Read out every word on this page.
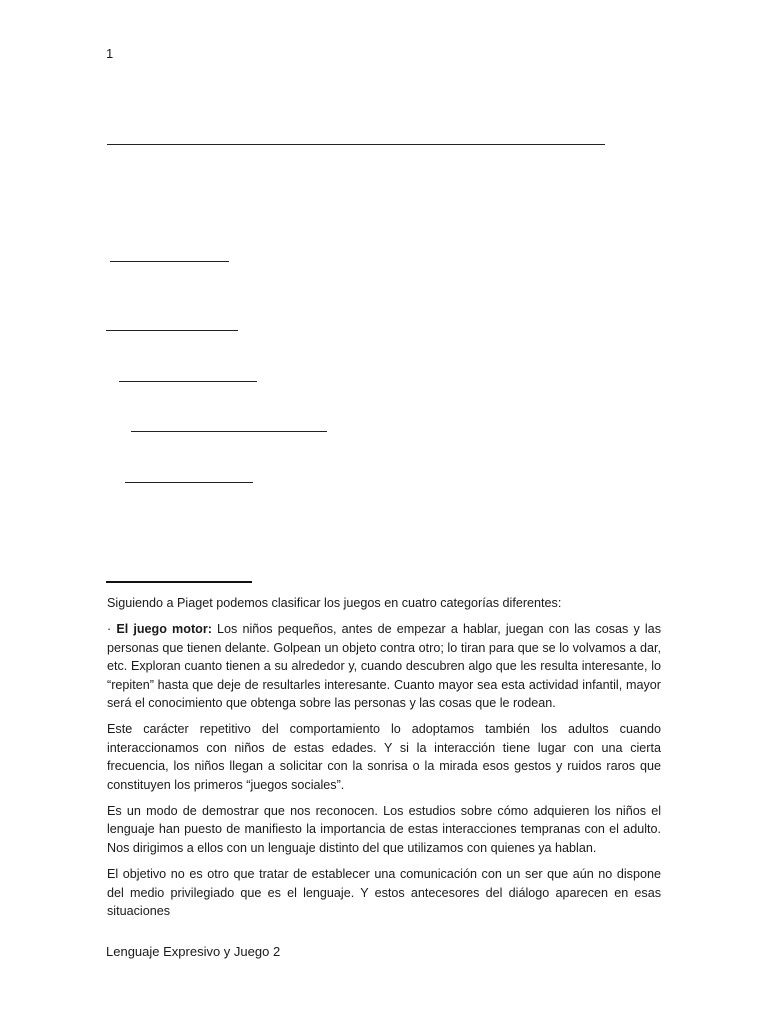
1

Siguiendo a Piaget podemos clasificar los juegos en cuatro categorías diferentes:

· El juego motor: Los niños pequeños, antes de empezar a hablar, juegan con las cosas y las personas que tienen delante. Golpean un objeto contra otro; lo tiran para que se lo volvamos a dar, etc. Exploran cuanto tienen a su alrededor y, cuando descubren algo que les resulta interesante, lo “repiten” hasta que deje de resultarles interesante. Cuanto mayor sea esta actividad infantil, mayor será el conocimiento que obtenga sobre las personas y las cosas que le rodean.

Este carácter repetitivo del comportamiento lo adoptamos también los adultos cuando interaccionamos con niños de estas edades. Y si la interacción tiene lugar con una cierta frecuencia, los niños llegan a solicitar con la sonrisa o la mirada esos gestos y ruidos raros que constituyen los primeros “juegos sociales”.

Es un modo de demostrar que nos reconocen. Los estudios sobre cómo adquieren los niños el lenguaje han puesto de manifiesto la importancia de estas interacciones tempranas con el adulto. Nos dirigimos a ellos con un lenguaje distinto del que utilizamos con quienes ya hablan.

El objetivo no es otro que tratar de establecer una comunicación con un ser que aún no dispone del medio privilegiado que es el lenguaje. Y estos antecesores del diálogo aparecen en esas situaciones

Lenguaje Expresivo y Juego 2
